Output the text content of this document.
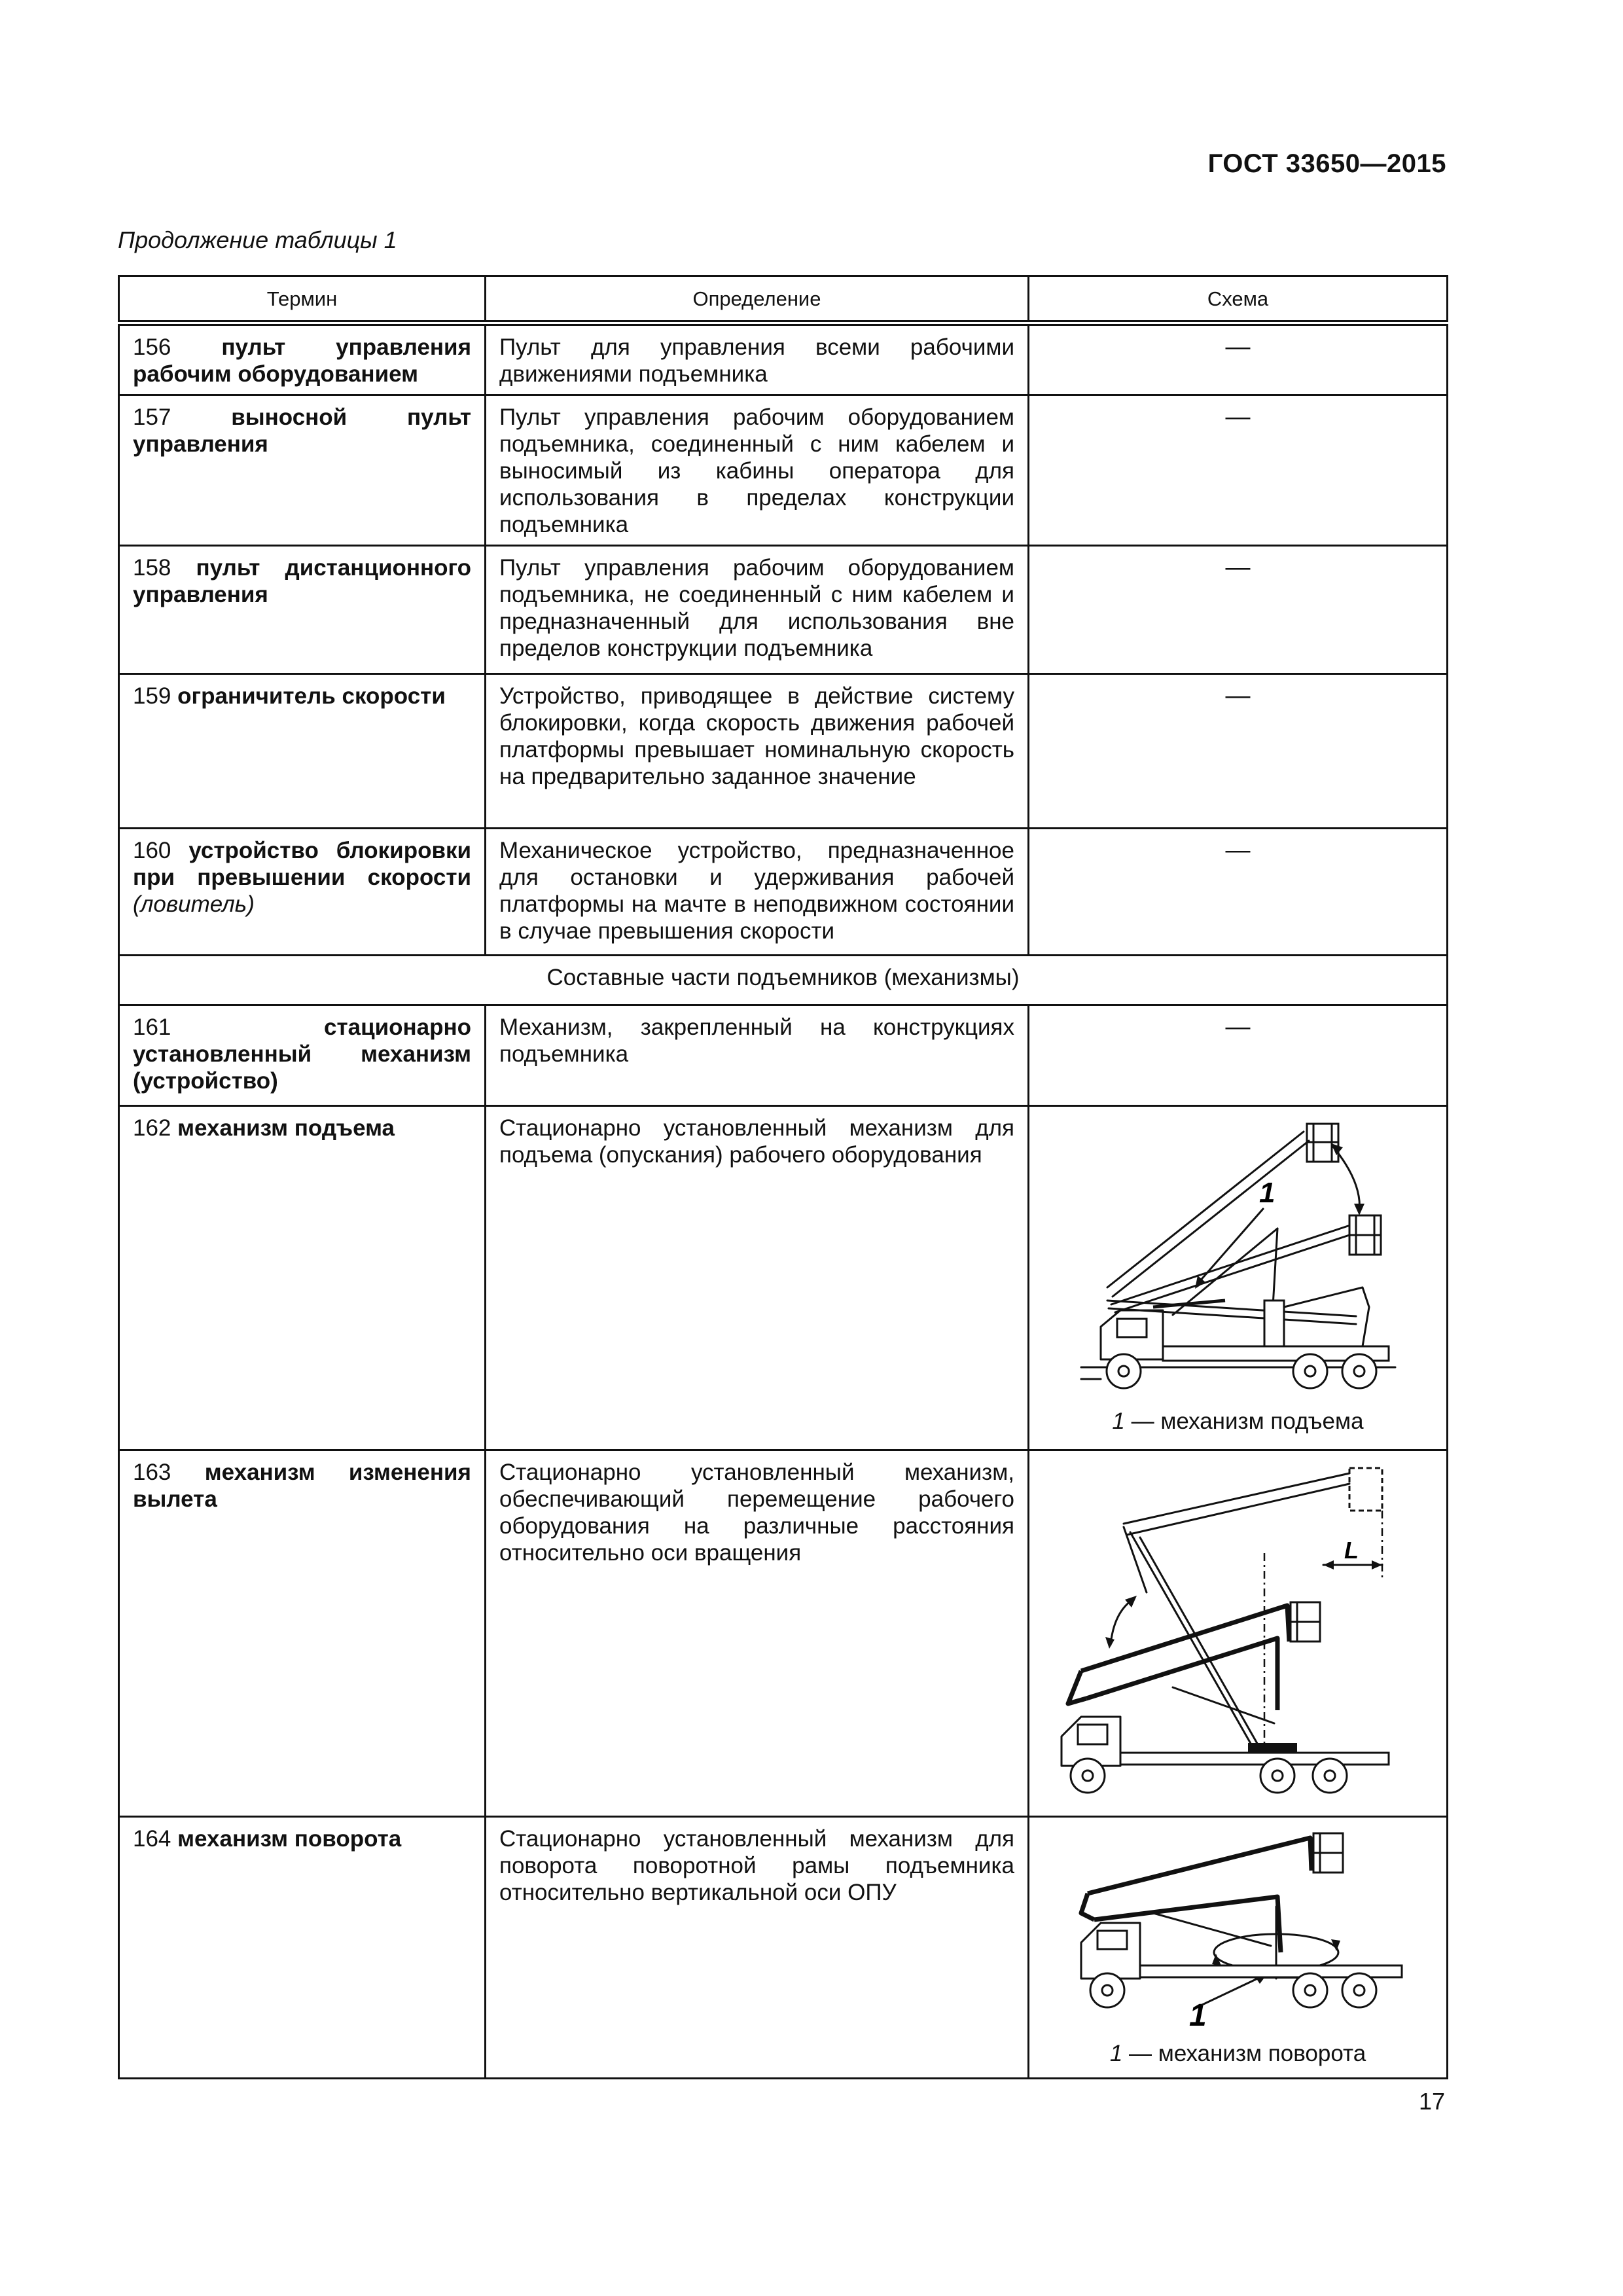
ГОСТ 33650—2015
Продолжение таблицы 1
Термин	Определение	Схема
156 пульт управления рабочим оборудованием	Пульт для управления всеми рабочими движениями подъемника	—
157 выносной пульт управления	Пульт управления рабочим оборудованием подъемника, соединенный с ним кабелем и выносимый из кабины оператора для использования в пределах конструкции подъемника	—
158 пульт дистанционного управления	Пульт управления рабочим оборудованием подъемника, не соединенный с ним кабелем и предназначенный для использования вне пределов конструкции подъемника	—
159 ограничитель скорости	Устройство, приводящее в действие систему блокировки, когда скорость движения рабочей платформы превышает номинальную скорость на предварительно заданное значение	—
160 устройство блокировки при превышении скорости (ловитель)	Механическое устройство, предназначенное для остановки и удерживания рабочей платформы на мачте в неподвижном состоянии в случае превышения скорости	—
Составные части подъемников (механизмы)		
161 стационарно установленный механизм (устройство)	Механизм, закрепленный на конструкциях подъемника	—
162 механизм подъема	Стационарно установленный механизм для подъема (опускания) рабочего оборудования	1
1 — механизм подъема

163 механизм изменения вылета	Стационарно установленный механизм, обеспечивающий перемещение рабочего оборудования на различные расстояния относительно оси вращения	L

164 механизм поворота	Стационарно установленный механизм для поворота поворотной рамы подъемника относительно вертикальной оси ОПУ	1
1 — механизм поворота
17
